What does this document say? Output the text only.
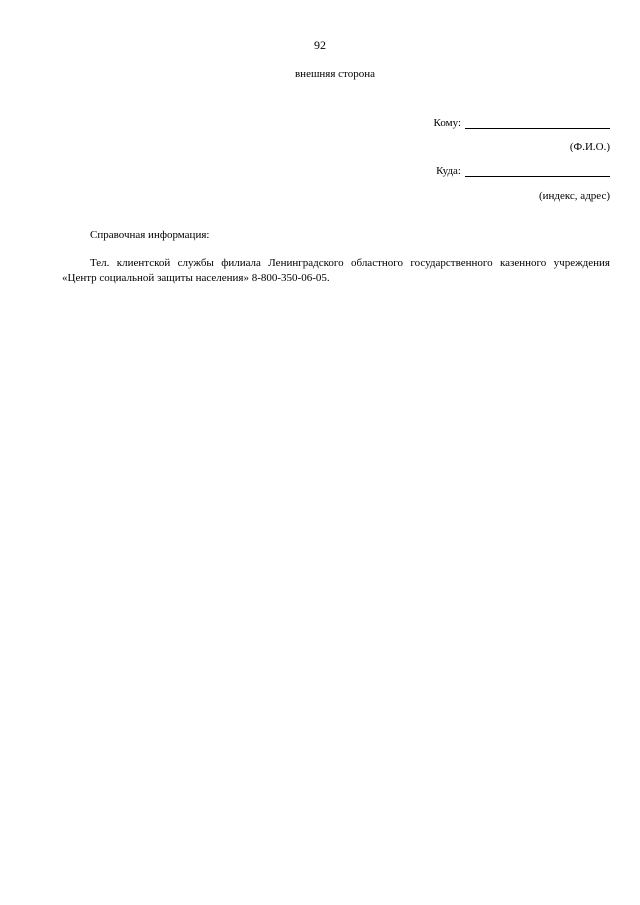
92
внешняя сторона
Кому:
(Ф.И.О.)
Куда:
(индекс, адрес)
Справочная информация:

Тел. клиентской службы филиала Ленинградского областного государственного казенного учреждения «Центр социальной защиты населения» 8-800-350-06-05.
